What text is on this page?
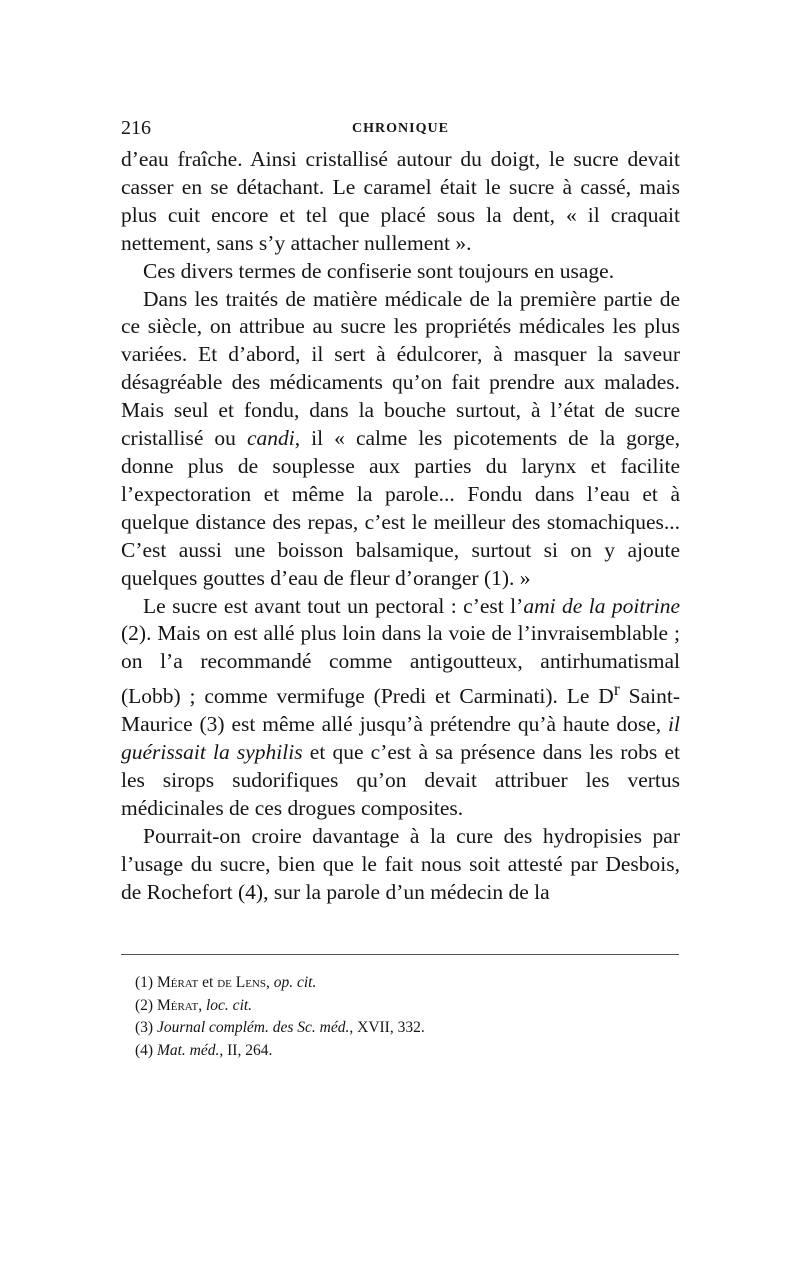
216	CHRONIQUE

d’eau fraîche. Ainsi cristallisé autour du doigt, le sucre devait casser en se détachant. Le caramel était le sucre à cassé, mais plus cuit encore et tel que placé sous la dent, « il craquait nettement, sans s’y attacher nullement ».

Ces divers termes de confiserie sont toujours en usage.

Dans les traités de matière médicale de la première partie de ce siècle, on attribue au sucre les propriétés médicales les plus variées. Et d’abord, il sert à édulcorer, à masquer la saveur désagréable des médicaments qu’on fait prendre aux malades. Mais seul et fondu, dans la bouche surtout, à l’état de sucre cristallisé ou candi, il « calme les picotements de la gorge, donne plus de souplesse aux parties du larynx et facilite l’expectoration et même la parole... Fondu dans l’eau et à quelque distance des repas, c’est le meilleur des stomachiques... C’est aussi une boisson balsamique, surtout si on y ajoute quelques gouttes d’eau de fleur d’oranger (1). »

Le sucre est avant tout un pectoral : c’est l’ami de la poitrine (2). Mais on est allé plus loin dans la voie de l’invraisemblable ; on l’a recommandé comme antigoutteux, antirhumatismal (Lobb) ; comme vermifuge (Predi et Carminati). Le $D^r$ Saint-Maurice (3) est même allé jusqu’à prétendre qu’à haute dose, il guérissait la syphilis et que c’est à sa présence dans les robs et les sirops sudorifiques qu’on devait attribuer les vertus médicinales de ces drogues composites.

Pourrait-on croire davantage à la cure des hydropisies par l’usage du sucre, bien que le fait nous soit attesté par Desbois, de Rochefort (4), sur la parole d’un médecin de la

(1) Mérat et de Lens, op. cit.
(2) Mérat, loc. cit.
(3) Journal complém. des Sc. méd., XVII, 332.
(4) Mat. méd., II, 264.
